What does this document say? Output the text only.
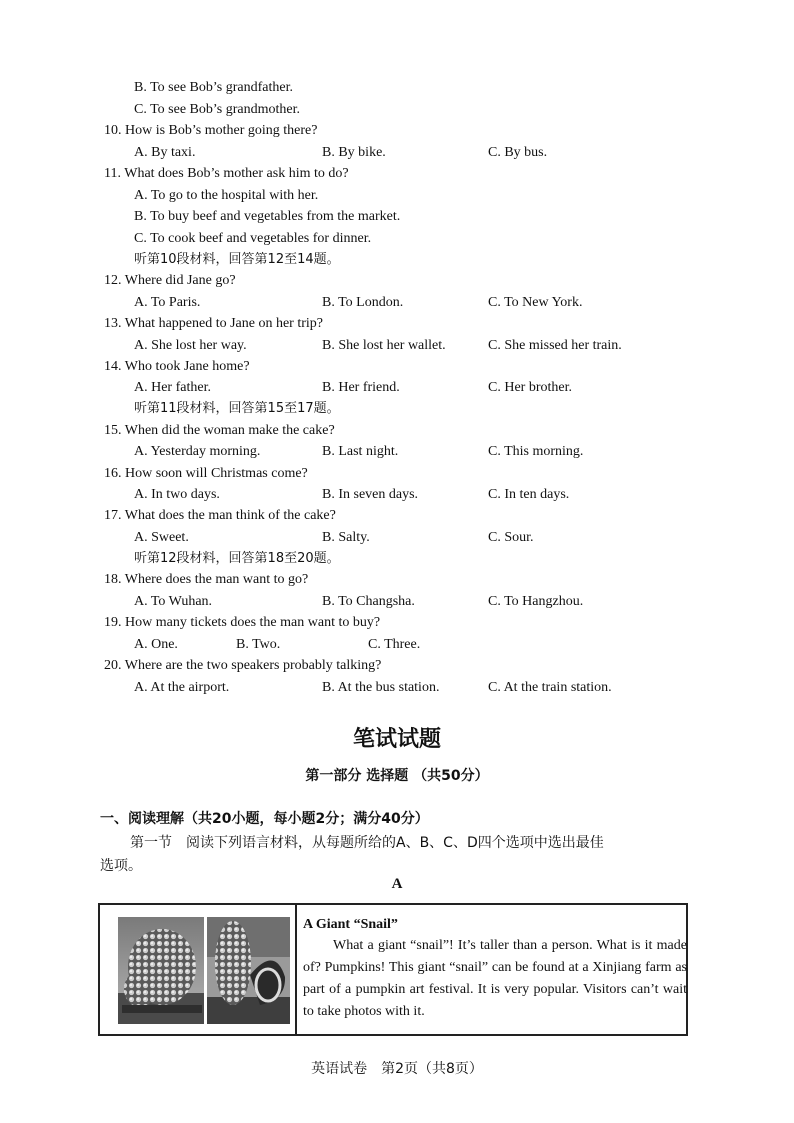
B. To see Bob’s grandfather.
C. To see Bob’s grandmother.
10. How is Bob’s mother going there?
A. By taxi.	B. By bike.	C. By bus.
11. What does Bob’s mother ask him to do?
A. To go to the hospital with her.
B. To buy beef and vegetables from the market.
C. To cook beef and vegetables for dinner.
听第10段材料，回答第12至14题。
12. Where did Jane go?
A. To Paris.	B. To London.	C. To New York.
13. What happened to Jane on her trip?
A. She lost her way.	B. She lost her wallet.	C. She missed her train.
14. Who took Jane home?
A. Her father.	B. Her friend.	C. Her brother.
听第11段材料，回答第15至17题。
15. When did the woman make the cake?
A. Yesterday morning.	B. Last night.	C. This morning.
16. How soon will Christmas come?
A. In two days.	B. In seven days.	C. In ten days.
17. What does the man think of the cake?
A. Sweet.	B. Salty.	C. Sour.
听第12段材料，回答第18至20题。
18. Where does the man want to go?
A. To Wuhan.	B. To Changsha.	C. To Hangzhou.
19. How many tickets does the man want to buy?
A. One.	B. Two.	C. Three.
20. Where are the two speakers probably talking?
A. At the airport.	B. At the bus station.	C. At the train station.
笔试试题
第一部分 选择题 （共50分）
一、阅读理解（共20小题，每小题2分；满分40分）
第一节　阅读下列语言材料，从每题所给的A、B、C、D四个选项中选出最佳
选项。
A
A Giant “Snail”
What a giant “snail”! It’s taller than a person. What is it made of? Pumpkins! This giant “snail” can be found at a Xinjiang farm as part of a pumpkin art festival. It is very popular. Visitors can’t wait to take photos with it.
英语试卷　第2页（共8页）
